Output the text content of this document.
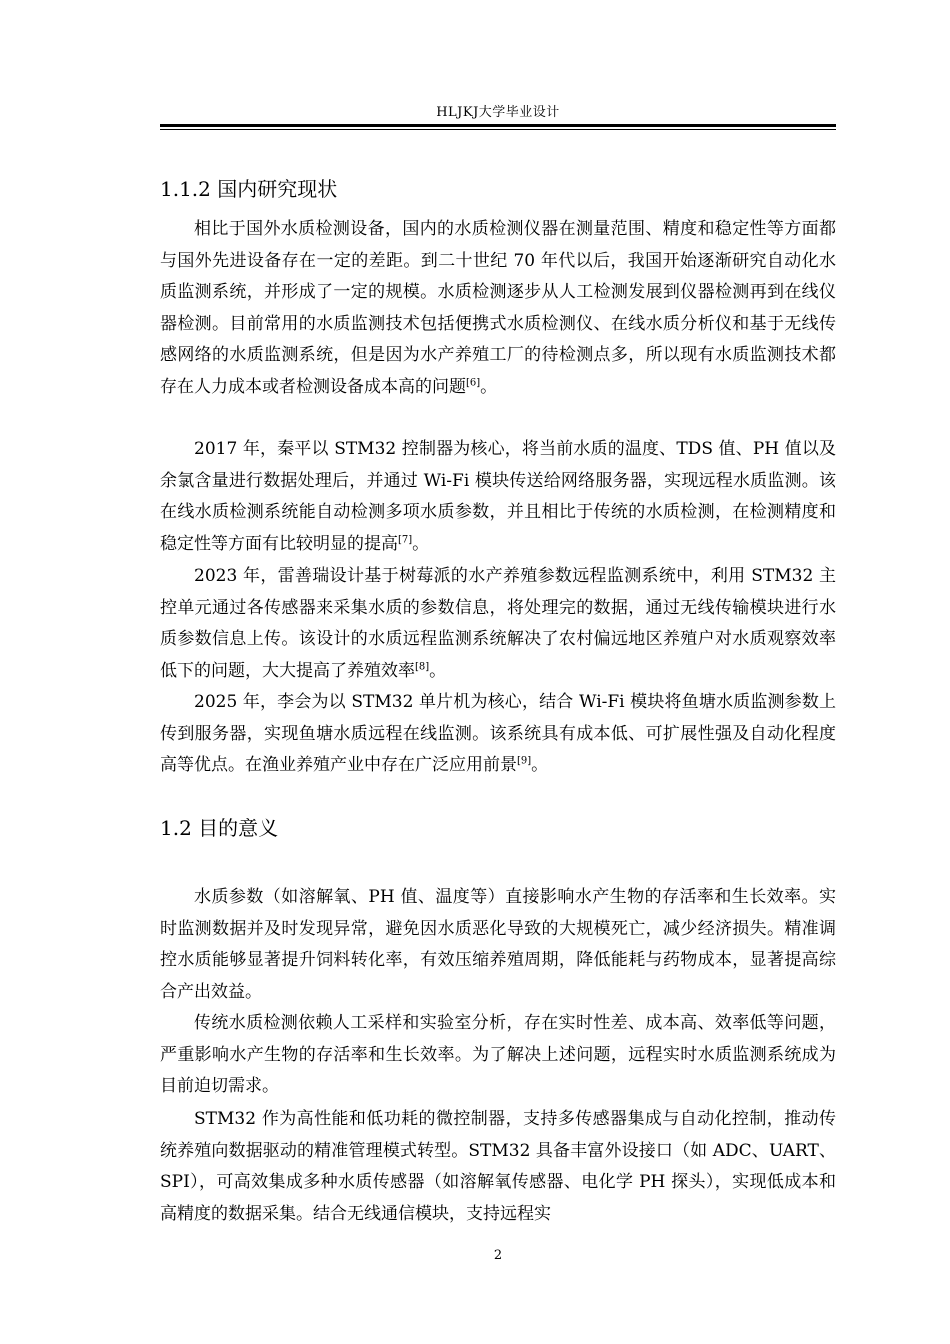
HLJKJ大学毕业设计
1.1.2 国内研究现状

相比于国外水质检测设备，国内的水质检测仪器在测量范围、精度和稳定性等方面都与国外先进设备存在一定的差距。到二十世纪 70 年代以后，我国开始逐渐研究自动化水质监测系统，并形成了一定的规模。水质检测逐步从人工检测发展到仪器检测再到在线仪器检测。目前常用的水质监测技术包括便携式水质检测仪、在线水质分析仪和基于无线传感网络的水质监测系统，但是因为水产养殖工厂的待检测点多，所以现有水质监测技术都存在人力成本或者检测设备成本高的问题[6]。

2017 年，秦平以 STM32 控制器为核心，将当前水质的温度、TDS 值、PH 值以及余氯含量进行数据处理后，并通过 Wi-Fi 模块传送给网络服务器，实现远程水质监测。该在线水质检测系统能自动检测多项水质参数，并且相比于传统的水质检测，在检测精度和稳定性等方面有比较明显的提高[7]。

2023 年，雷善瑞设计基于树莓派的水产养殖参数远程监测系统中，利用 STM32 主控单元通过各传感器来采集水质的参数信息，将处理完的数据，通过无线传输模块进行水质参数信息上传。该设计的水质远程监测系统解决了农村偏远地区养殖户对水质观察效率低下的问题，大大提高了养殖效率[8]。

2025 年，李会为以 STM32 单片机为核心，结合 Wi-Fi 模块将鱼塘水质监测参数上传到服务器，实现鱼塘水质远程在线监测。该系统具有成本低、可扩展性强及自动化程度高等优点。在渔业养殖产业中存在广泛应用前景[9]。

1.2 目的意义

水质参数（如溶解氧、PH 值、温度等）直接影响水产生物的存活率和生长效率。实时监测数据并及时发现异常，避免因水质恶化导致的大规模死亡，减少经济损失。精准调控水质能够显著提升饲料转化率，有效压缩养殖周期，降低能耗与药物成本，显著提高综合产出效益。

传统水质检测依赖人工采样和实验室分析，存在实时性差、成本高、效率低等问题，严重影响水产生物的存活率和生长效率。为了解决上述问题，远程实时水质监测系统成为目前迫切需求。

STM32 作为高性能和低功耗的微控制器，支持多传感器集成与自动化控制，推动传统养殖向数据驱动的精准管理模式转型。STM32 具备丰富外设接口（如 ADC、UART、SPI），可高效集成多种水质传感器（如溶解氧传感器、电化学 PH 探头），实现低成本和高精度的数据采集。结合无线通信模块，支持远程实

2
